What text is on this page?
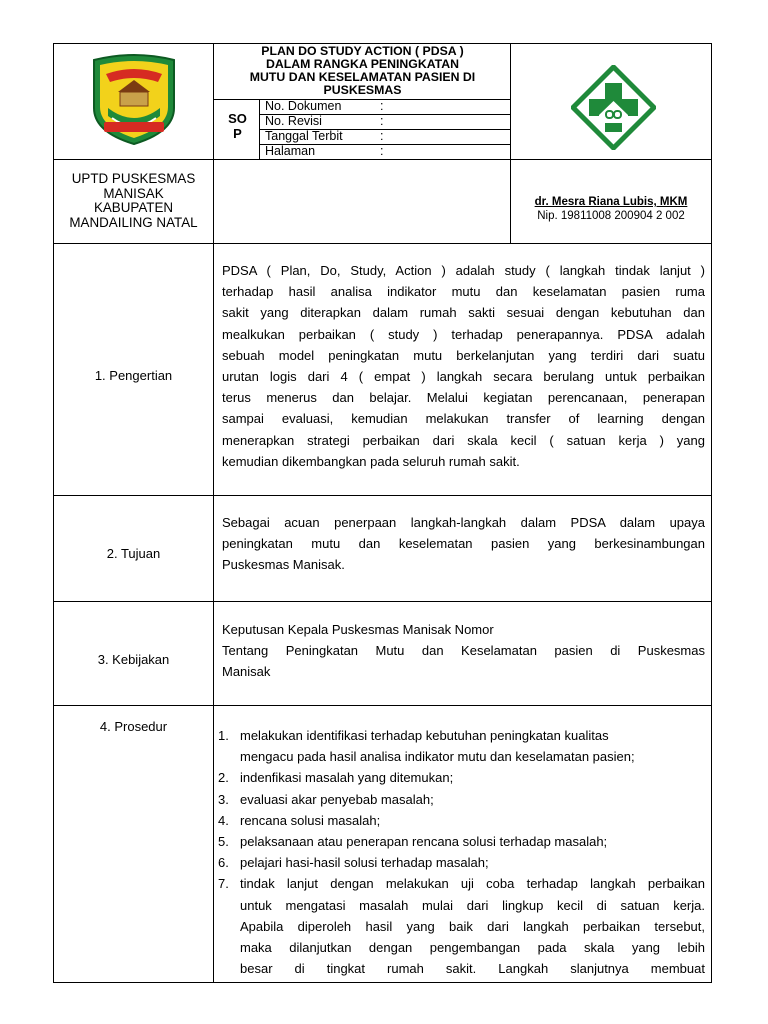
PLAN DO STUDY ACTION ( PDSA )
DALAM RANGKA PENINGKATAN
MUTU DAN KESELAMATAN PASIEN DI
PUSKESMAS
SO
P
No. Dokumen	:
No. Revisi	:
Tanggal Terbit	:
Halaman	:
UPTD PUSKESMAS
MANISAK
KABUPATEN
MANDAILING NATAL
dr. Mesra Riana Lubis, MKM
Nip. 19811008 200904 2 002
1. Pengertian
PDSA ( Plan, Do, Study, Action ) adalah study ( langkah tindak lanjut )
terhadap hasil analisa indikator mutu dan keselamatan pasien ruma
sakit yang diterapkan dalam rumah sakti sesuai dengan kebutuhan dan
mealkukan perbaikan ( study ) terhadap penerapannya. PDSA adalah
sebuah model peningkatan mutu berkelanjutan yang terdiri dari suatu
urutan logis dari 4 ( empat ) langkah secara berulang untuk perbaikan
terus menerus dan belajar. Melalui kegiatan perencanaan, penerapan
sampai evaluasi, kemudian melakukan transfer of learning dengan
menerapkan strategi perbaikan dari skala kecil ( satuan kerja ) yang
kemudian dikembangkan pada seluruh rumah sakit.
2. Tujuan
Sebagai acuan penerpaan langkah-langkah dalam PDSA dalam upaya
peningkatan mutu dan keselematan pasien yang berkesinambungan
Puskesmas Manisak.
3. Kebijakan
Keputusan Kepala Puskesmas Manisak Nomor
Tentang Peningkatan Mutu dan Keselamatan pasien di Puskesmas
Manisak
4. Prosedur
1. melakukan identifikasi terhadap kebutuhan peningkatan kualitas
mengacu pada hasil analisa indikator mutu dan keselamatan pasien;
2. indenfikasi masalah yang ditemukan;
3. evaluasi akar penyebab masalah;
4. rencana solusi masalah;
5. pelaksanaan atau penerapan rencana solusi terhadap masalah;
6. pelajari hasi-hasil solusi terhadap masalah;
7. tindak lanjut dengan melakukan uji coba terhadap langkah perbaikan
untuk mengatasi masalah mulai dari lingkup kecil di satuan kerja.
Apabila diperoleh hasil yang baik dari langkah perbaikan tersebut,
maka dilanjutkan dengan pengembangan pada skala yang lebih
besar di tingkat rumah sakit. Langkah slanjutnya membuat
